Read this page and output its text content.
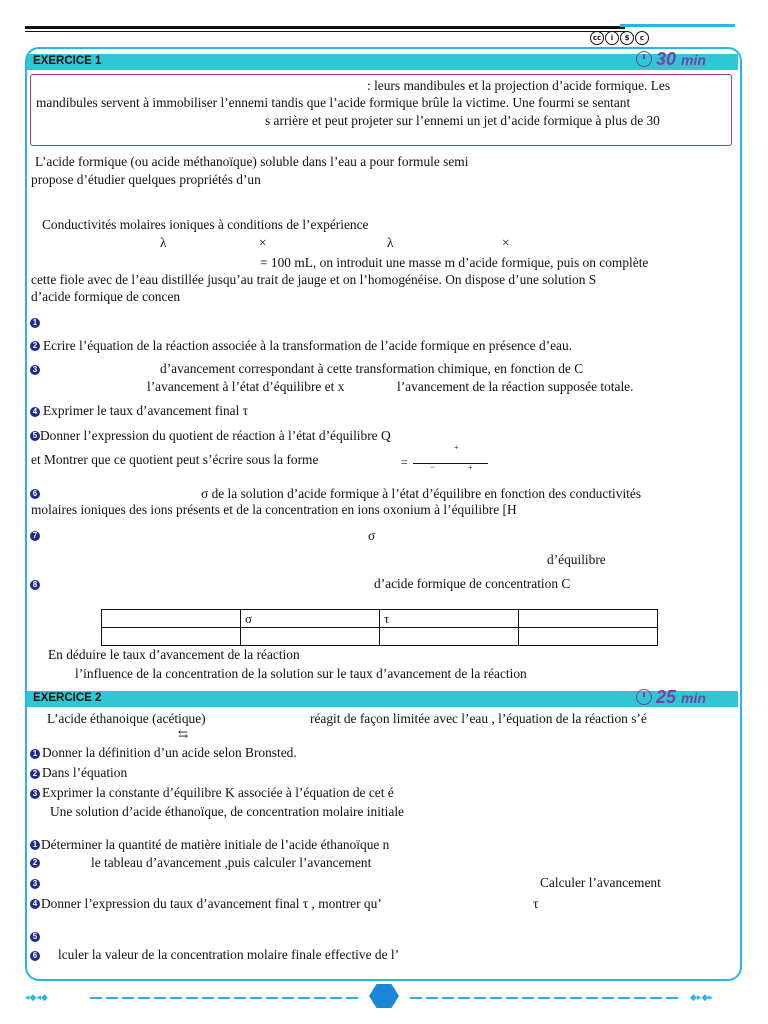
cc	i	$	c
EXERCICE 1	30 min
: leurs mandibules et la projection d’acide formique. Les
mandibules servent à immobiliser l’ennemi tandis que l’acide formique brûle la victime. Une fourmi se sentant
s arrière et peut projeter sur l’ennemi un jet d’acide formique à plus de 30
L’acide formique (ou acide méthanoïque) soluble dans l’eau a pour formule semi
propose d’étudier quelques propriétés d’un
Conductivités molaires ioniques à conditions de l’expérience
λ	×	λ	×
= 100 mL, on introduit une masse m d’acide formique, puis on complète
cette fiole avec de l’eau distillée jusqu’au trait de jauge et on l’homogénéise. On dispose d’une solution S
d’acide formique de concen
1
2 Ecrire l’équation de la réaction associée à la transformation de l’acide formique en présence d’eau.
3	d’avancement correspondant à cette transformation chimique, en fonction de C
l’avancement à l’état d’équilibre et x	l’avancement de la réaction supposée totale.
4 Exprimer le taux d’avancement final τ
5 Donner l’expression du quotient de réaction à l’état d’équilibre Q
et Montrer que ce quotient peut s’écrire sous la forme	=
+
−	+
6	σ de la solution d’acide formique à l’état d’équilibre en fonction des conductivités
molaires ioniques des ions présents et de la concentration en ions oxonium à l’équilibre [H
7	σ
d’équilibre
8	d’acide formique de concentration C
	σ	τ	

En déduire le taux d’avancement de la réaction
l’influence de la concentration de la solution sur le taux d’avancement de la réaction
EXERCICE 2	25 min
L’acide éthanoique (acétique)	réagit de façon limitée avec l’eau , l’équation de la réaction s’é
⇆
1 Donner la définition d’un acide selon Bronsted.
2 Dans l’équation
3 Exprimer la constante d’équilibre K associée à l’équation de cet é
Une solution d’acide éthanoïque, de concentration molaire initiale
1 Déterminer la quantité de matière initiale de l’acide éthanoïque n
2	le tableau d’avancement ,puis calculer l’avancement
3	Calculer l’avancement
4 Donner l’expression du taux d’avancement final τ , montrer qu’	τ
5
6 lculer la valeur de la concentration molaire finale effective de l’
◂◆◂◆	◆▸◆▸
